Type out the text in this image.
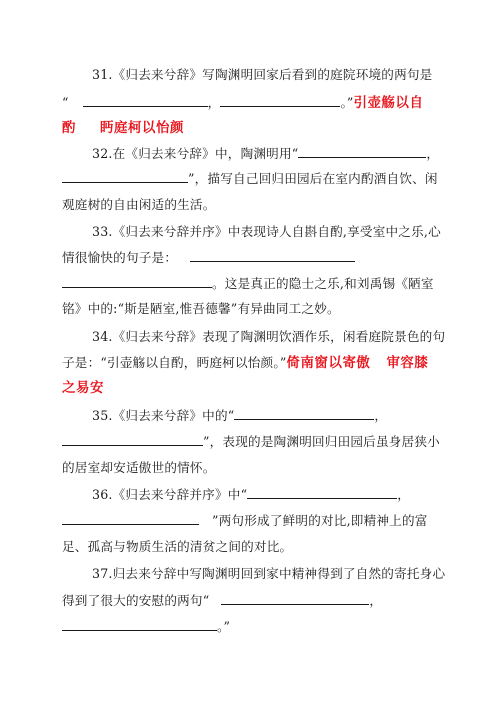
31.《归去来兮辞》写陶渊明回家后看到的庭院环境的两句是
“	，	。”引壶觞以自
酌 眄庭柯以怡颜
32.在《归去来兮辞》中，陶渊明用“	，
”，描写自己回归田园后在室内酌酒自饮、闲
观庭树的自由闲适的生活。
33.《归去来兮辞并序》中表现诗人自斟自酌,享受室中之乐,心
情很愉快的句子是：
。这是真正的隐士之乐,和刘禹锡《陋室
铭》中的:“斯是陋室,惟吾德馨”有异曲同工之妙。
34.《归去来兮辞》表现了陶渊明饮酒作乐，闲看庭院景色的句
子是：“引壶觞以自酌，眄庭柯以怡颜。”倚南窗以寄傲 审容膝
之易安
35.《归去来兮辞》中的“	，
”，表现的是陶渊明回归田园后虽身居狭小
的居室却安适傲世的情怀。
36.《归去来兮辞并序》中“	，
”两句形成了鲜明的对比,即精神上的富
足、孤高与物质生活的清贫之间的对比。
37.归去来兮辞中写陶渊明回到家中精神得到了自然的寄托身心
得到了很大的安慰的两句“	，
。”
